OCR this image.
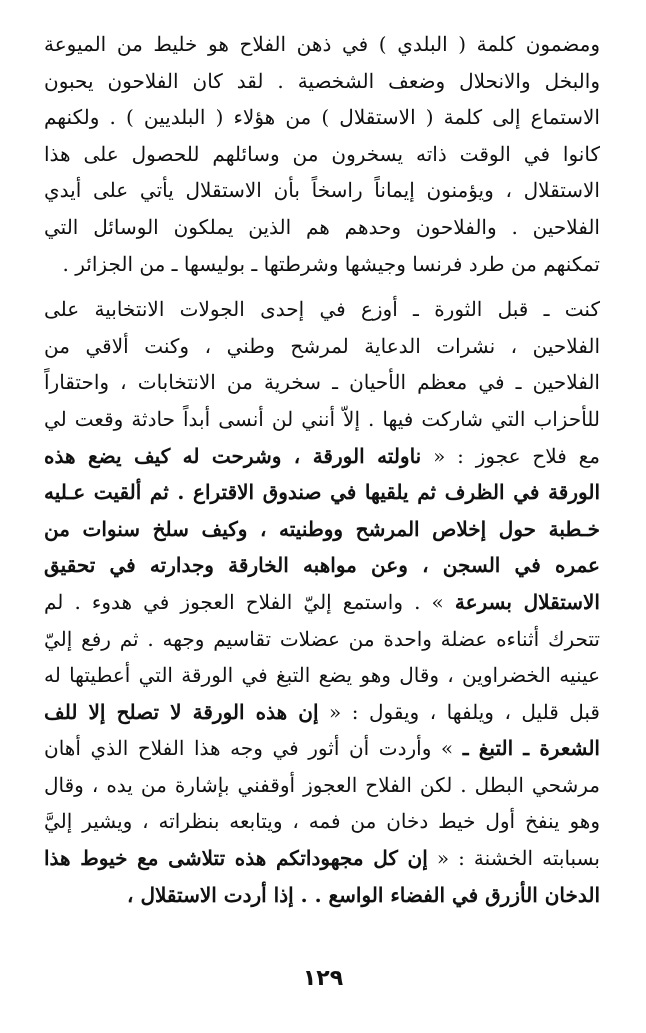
ومضمون كلمة ( البلدي ) في ذهن الفلاح هو خليط من الميوعة
والبخل والانحلال وضعف الشخصية . لقد كان الفلاحون يحبون
الاستماع إلى كلمة ( الاستقلال ) من هؤلاء ( البلديين ) . ولكنهم
كانوا في الوقت ذاته يسخرون من وسائلهم للحصول على هذا
الاستقلال ، ويؤمنون إيماناً راسخاً بأن الاستقلال يأتي على أيدي
الفلاحين . والفلاحون وحدهم هم الذين يملكون الوسائل التي
تمكنهم من طرد فرنسا وجيشها وشرطتها ـ بوليسها ـ من الجزائر .
كنت ـ قبل الثورة ـ أوزع في إحدى الجولات الانتخابية على
الفلاحين ، نشرات الدعاية لمرشح وطني ، وكنت ألاقي من
الفلاحين ـ في معظم الأحيان ـ سخرية من الانتخابات ، واحتقاراً
للأحزاب التي شاركت فيها . إلاّ أنني لن أنسى أبداً حادثة وقعت لي
مع فلاح عجوز : « ناولته الورقة ، وشرحت له كيف يضع هذه
الورقة في الظرف ثم يلقيها في صندوق الاقتراع . ثم ألقيت عـليه
خـطبة حول إخلاص المرشح ووطنيته ، وكيف سلخ سنوات من
عمره في السجن ، وعن مواهبه الخارقة وجدارته في تحقيق
الاستقلال بسرعة » . واستمع إليّ الفلاح العجوز في هدوء . لم
تتحرك أثناءه عضلة واحدة من عضلات تقاسيم وجهه . ثم رفع إليّ
عينيه الخضراوين ، وقال وهو يضع التبغ في الورقة التي أعطيتها له
قبل قليل ، ويلفها ، ويقول : « إن هذه الورقة لا تصلح إلا للف
الشعرة ـ التبغ ـ » وأردت أن أثور في وجه هذا الفلاح الذي أهان
مرشحي البطل . لكن الفلاح العجوز أوقفني بإشارة من يده ، وقال
وهو ينفخ أول خيط دخان من فمه ، ويتابعه بنظراته ، ويشير إليَّ
بسبابته الخشنة : « إن كل مجهوداتكم هذه تتلاشى مع خيوط هذا
الدخان الأزرق في الفضاء الواسع . . إذا أردت الاستقلال ،
١٢٩
